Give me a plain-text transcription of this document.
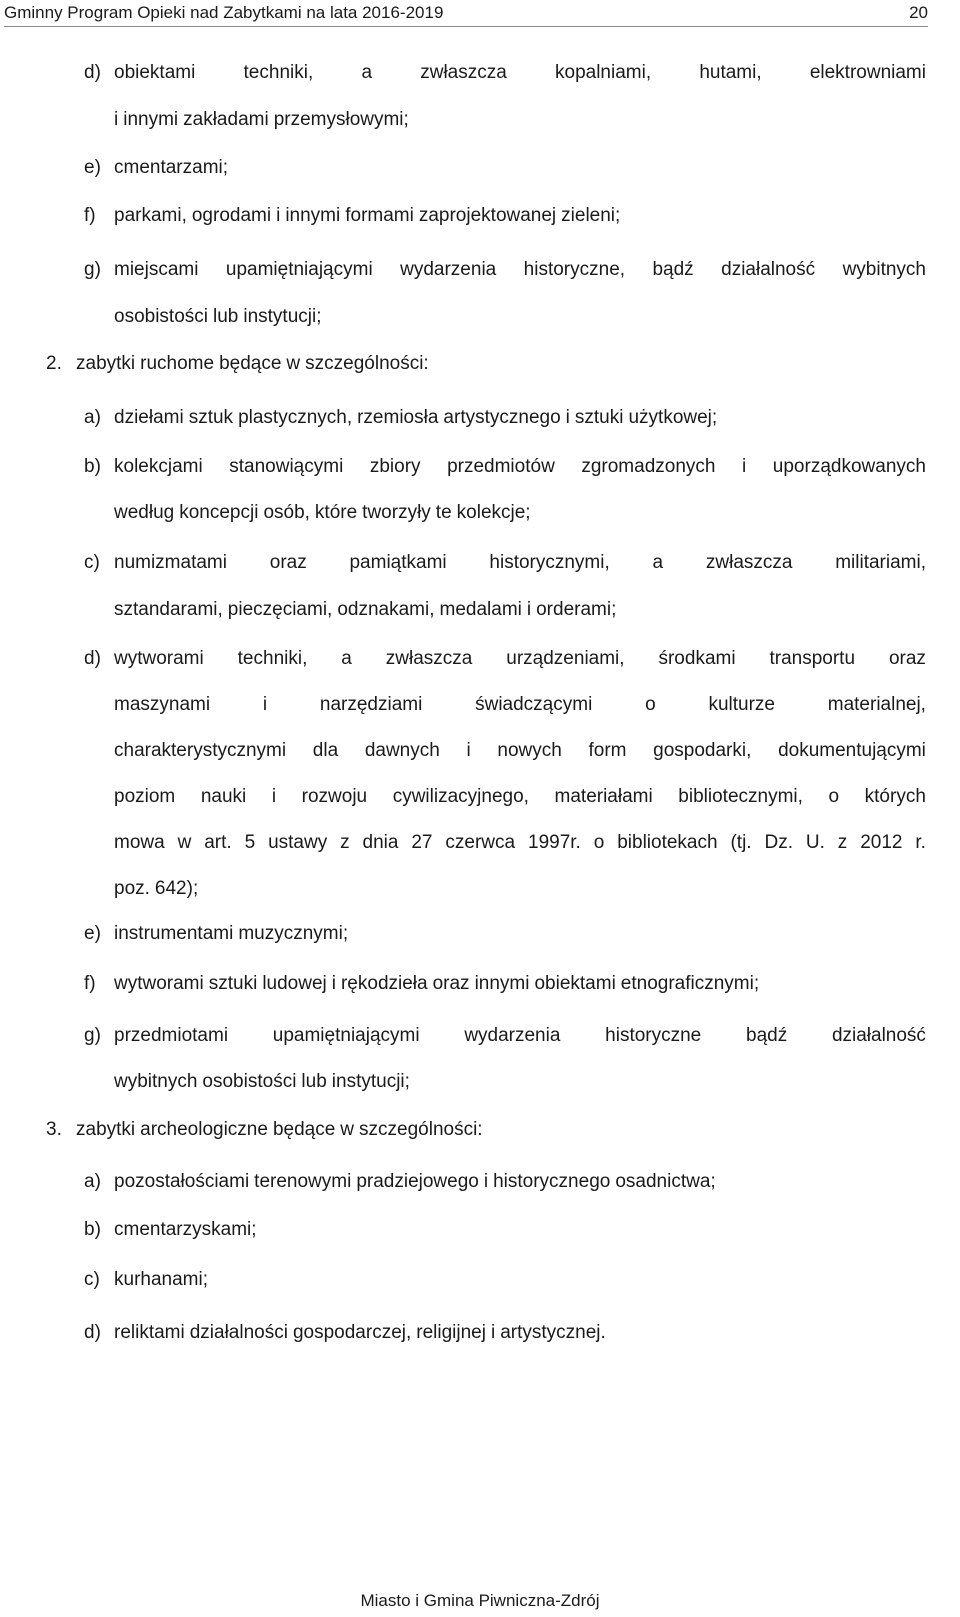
Gminny Program Opieki nad Zabytkami na lata 2016-2019	20
d) obiektami	techniki,	a	zwłaszcza	kopalniami,	hutami,	elektrowniami
i innymi zakładami przemysłowymi;
e) cmentarzami;
f) parkami, ogrodami i innymi formami zaprojektowanej zieleni;
g) miejscami upamiętniającymi wydarzenia historyczne, bądź działalność wybitnych
osobistości lub instytucji;
2. zabytki ruchome będące w szczególności:
a) dziełami sztuk plastycznych, rzemiosła artystycznego i sztuki użytkowej;
b) kolekcjami stanowiącymi zbiory przedmiotów zgromadzonych i uporządkowanych
według koncepcji osób, które tworzyły te kolekcje;
c) numizmatami oraz pamiątkami historycznymi, a zwłaszcza militariami,
sztandarami, pieczęciami, odznakami, medalami i orderami;
d) wytworami techniki, a zwłaszcza urządzeniami, środkami transportu oraz
maszynami	i	narzędziami	świadczącymi	o	kulturze	materialnej,
charakterystycznymi dla dawnych i nowych form gospodarki, dokumentującymi
poziom nauki i rozwoju cywilizacyjnego, materiałami bibliotecznymi, o których
mowa w art. 5 ustawy z dnia 27 czerwca 1997r. o bibliotekach (tj. Dz. U. z 2012 r.
poz. 642);
e) instrumentami muzycznymi;
f) wytworami sztuki ludowej i rękodzieła oraz innymi obiektami etnograficznymi;
g) przedmiotami upamiętniającymi wydarzenia historyczne bądź działalność
wybitnych osobistości lub instytucji;
3. zabytki archeologiczne będące w szczególności:
a) pozostałościami terenowymi pradziejowego i historycznego osadnictwa;
b) cmentarzyskami;
c) kurhanami;
d) reliktami działalności gospodarczej, religijnej i artystycznej.
Miasto i Gmina Piwniczna-Zdrój
